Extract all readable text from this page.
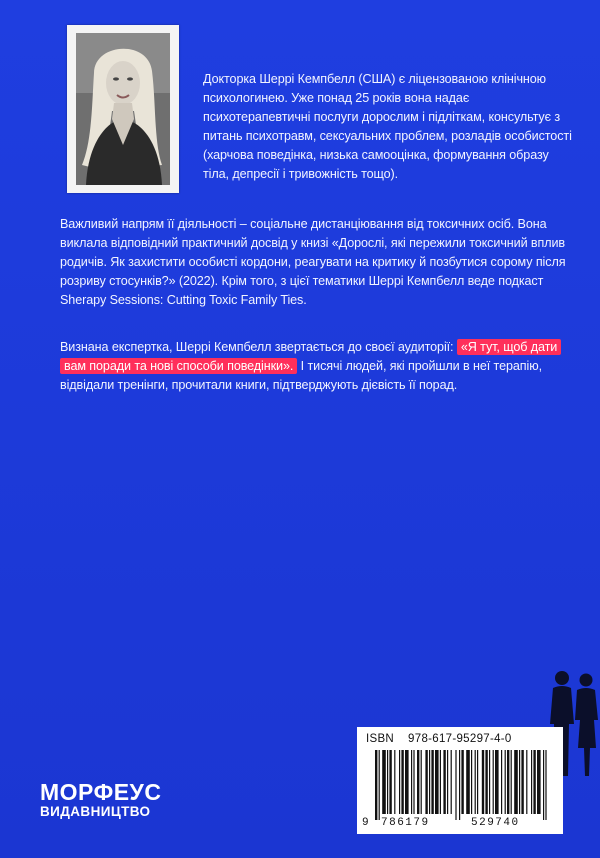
Докторка Шеррі Кемпбелл (США) є ліцензованою клінічною психологинею. Уже понад 25 років вона надає психотерапевтичні послуги дорослим і підліткам, консультує з питань психотравм, сексуальних проблем, розладів особистості (харчова поведінка, низька самооцінка, формування образу тіла, депресії і тривожність тощо).

Важливий напрям її діяльності – соціальне дистанціювання від токсичних осіб. Вона виклала відповідний практичний досвід у книзі «Дорослі, які пережили токсичний вплив родичів. Як захистити особисті кордони, реагувати на критику й позбутися сорому після розриву стосунків?» (2022). Крім того, з цієї тематики Шеррі Кемпбелл веде подкаст Sherapy Sessions: Cutting Toxic Family Ties.

Визнана експертка, Шеррі Кемпбелл звертається до своєї аудиторії: «Я тут, щоб дати вам поради та нові способи поведінки». І тисячі людей, які пройшли в неї терапію, відвідали тренінги, прочитали книги, підтверджують дієвість її порад.

МОРФЕУС
ВИДАВНИЦТВО
ISBN 978-617-95297-4-0
9 786179	529740
